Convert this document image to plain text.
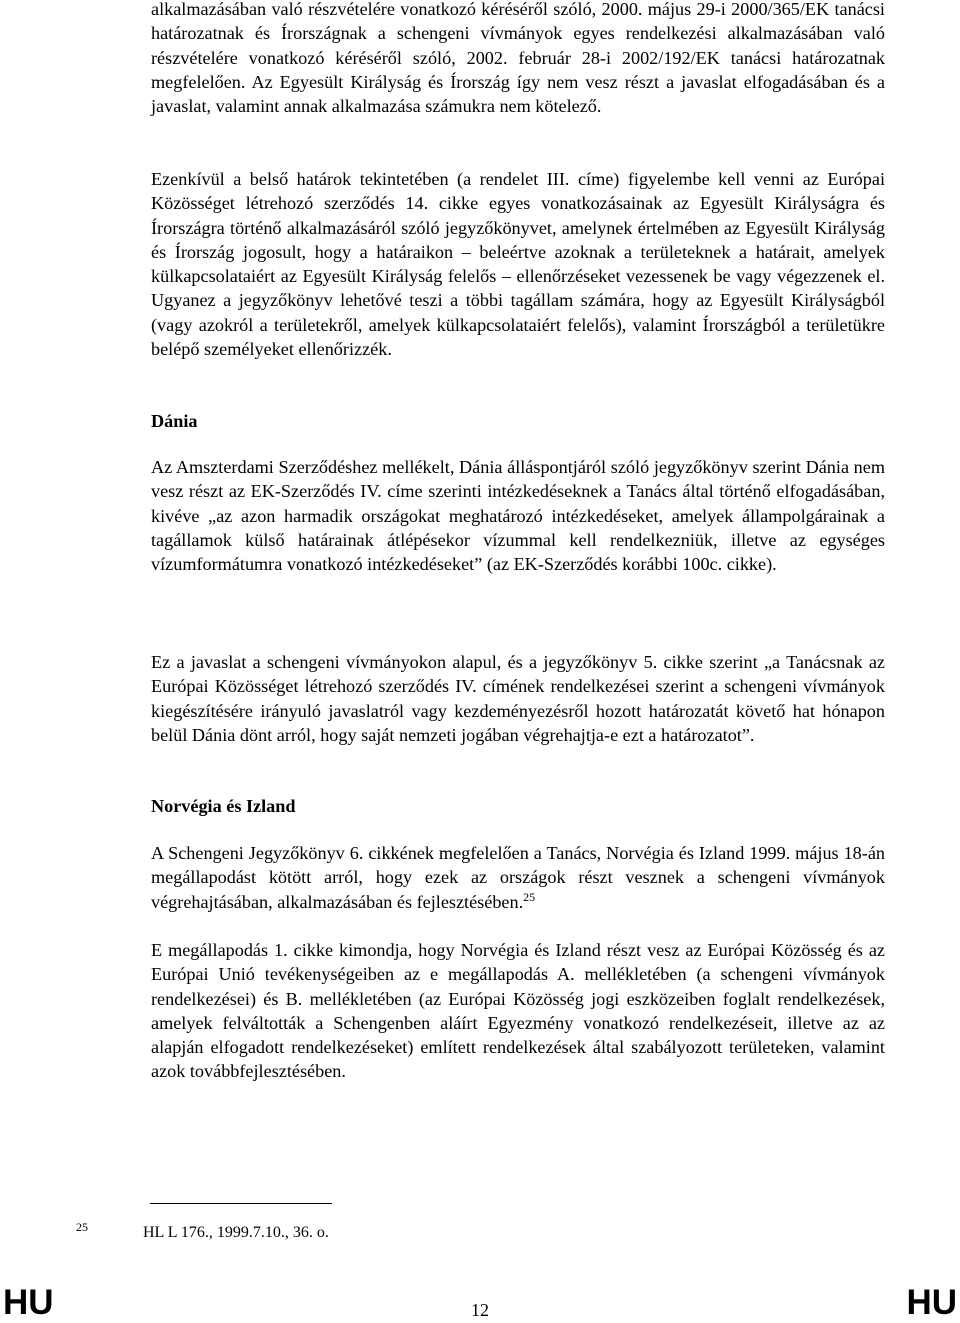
alkalmazásában való részvételére vonatkozó kéréséről szóló, 2000. május 29-i 2000/365/EK tanácsi határozatnak és Írországnak a schengeni vívmányok egyes rendelkezési alkalmazásában való részvételére vonatkozó kéréséről szóló, 2002. február 28-i 2002/192/EK tanácsi határozatnak megfelelően. Az Egyesült Királyság és Írország így nem vesz részt a javaslat elfogadásában és a javaslat, valamint annak alkalmazása számukra nem kötelező.

Ezenkívül a belső határok tekintetében (a rendelet III. címe) figyelembe kell venni az Európai Közösséget létrehozó szerződés 14. cikke egyes vonatkozásainak az Egyesült Királyságra és Írországra történő alkalmazásáról szóló jegyzőkönyvet, amelynek értelmében az Egyesült Királyság és Írország jogosult, hogy a határaikon – beleértve azoknak a területeknek a határait, amelyek külkapcsolataiért az Egyesült Királyság felelős – ellenőrzéseket vezessenek be vagy végezzenek el. Ugyanez a jegyzőkönyv lehetővé teszi a többi tagállam számára, hogy az Egyesült Királyságból (vagy azokról a területekről, amelyek külkapcsolataiért felelős), valamint Írországból a területükre belépő személyeket ellenőrizzék.

Dánia

Az Amszterdami Szerződéshez mellékelt, Dánia álláspontjáról szóló jegyzőkönyv szerint Dánia nem vesz részt az EK-Szerződés IV. címe szerinti intézkedéseknek a Tanács által történő elfogadásában, kivéve „az azon harmadik országokat meghatározó intézkedéseket, amelyek állampolgárainak a tagállamok külső határainak átlépésekor vízummal kell rendelkezniük, illetve az egységes vízumformátumra vonatkozó intézkedéseket” (az EK-Szerződés korábbi 100c. cikke).

Ez a javaslat a schengeni vívmányokon alapul, és a jegyzőkönyv 5. cikke szerint „a Tanácsnak az Európai Közösséget létrehozó szerződés IV. címének rendelkezései szerint a schengeni vívmányok kiegészítésére irányuló javaslatról vagy kezdeményezésről hozott határozatát követő hat hónapon belül Dánia dönt arról, hogy saját nemzeti jogában végrehajtja-e ezt a határozatot”.

Norvégia és Izland

A Schengeni Jegyzőkönyv 6. cikkének megfelelően a Tanács, Norvégia és Izland 1999. május 18-án megállapodást kötött arról, hogy ezek az országok részt vesznek a schengeni vívmányok végrehajtásában, alkalmazásában és fejlesztésében.$^{25}$

E megállapodás 1. cikke kimondja, hogy Norvégia és Izland részt vesz az Európai Közösség és az Európai Unió tevékenységeiben az e megállapodás A. mellékletében (a schengeni vívmányok rendelkezései) és B. mellékletében (az Európai Közösség jogi eszközeiben foglalt rendelkezések, amelyek felváltották a Schengenben aláírt Egyezmény vonatkozó rendelkezéseit, illetve az az alapján elfogadott rendelkezéseket) említett rendelkezések által szabályozott területeken, valamint azok továbbfejlesztésében.

25	HL L 176., 1999.7.10., 36. o.
HU	12	HU
